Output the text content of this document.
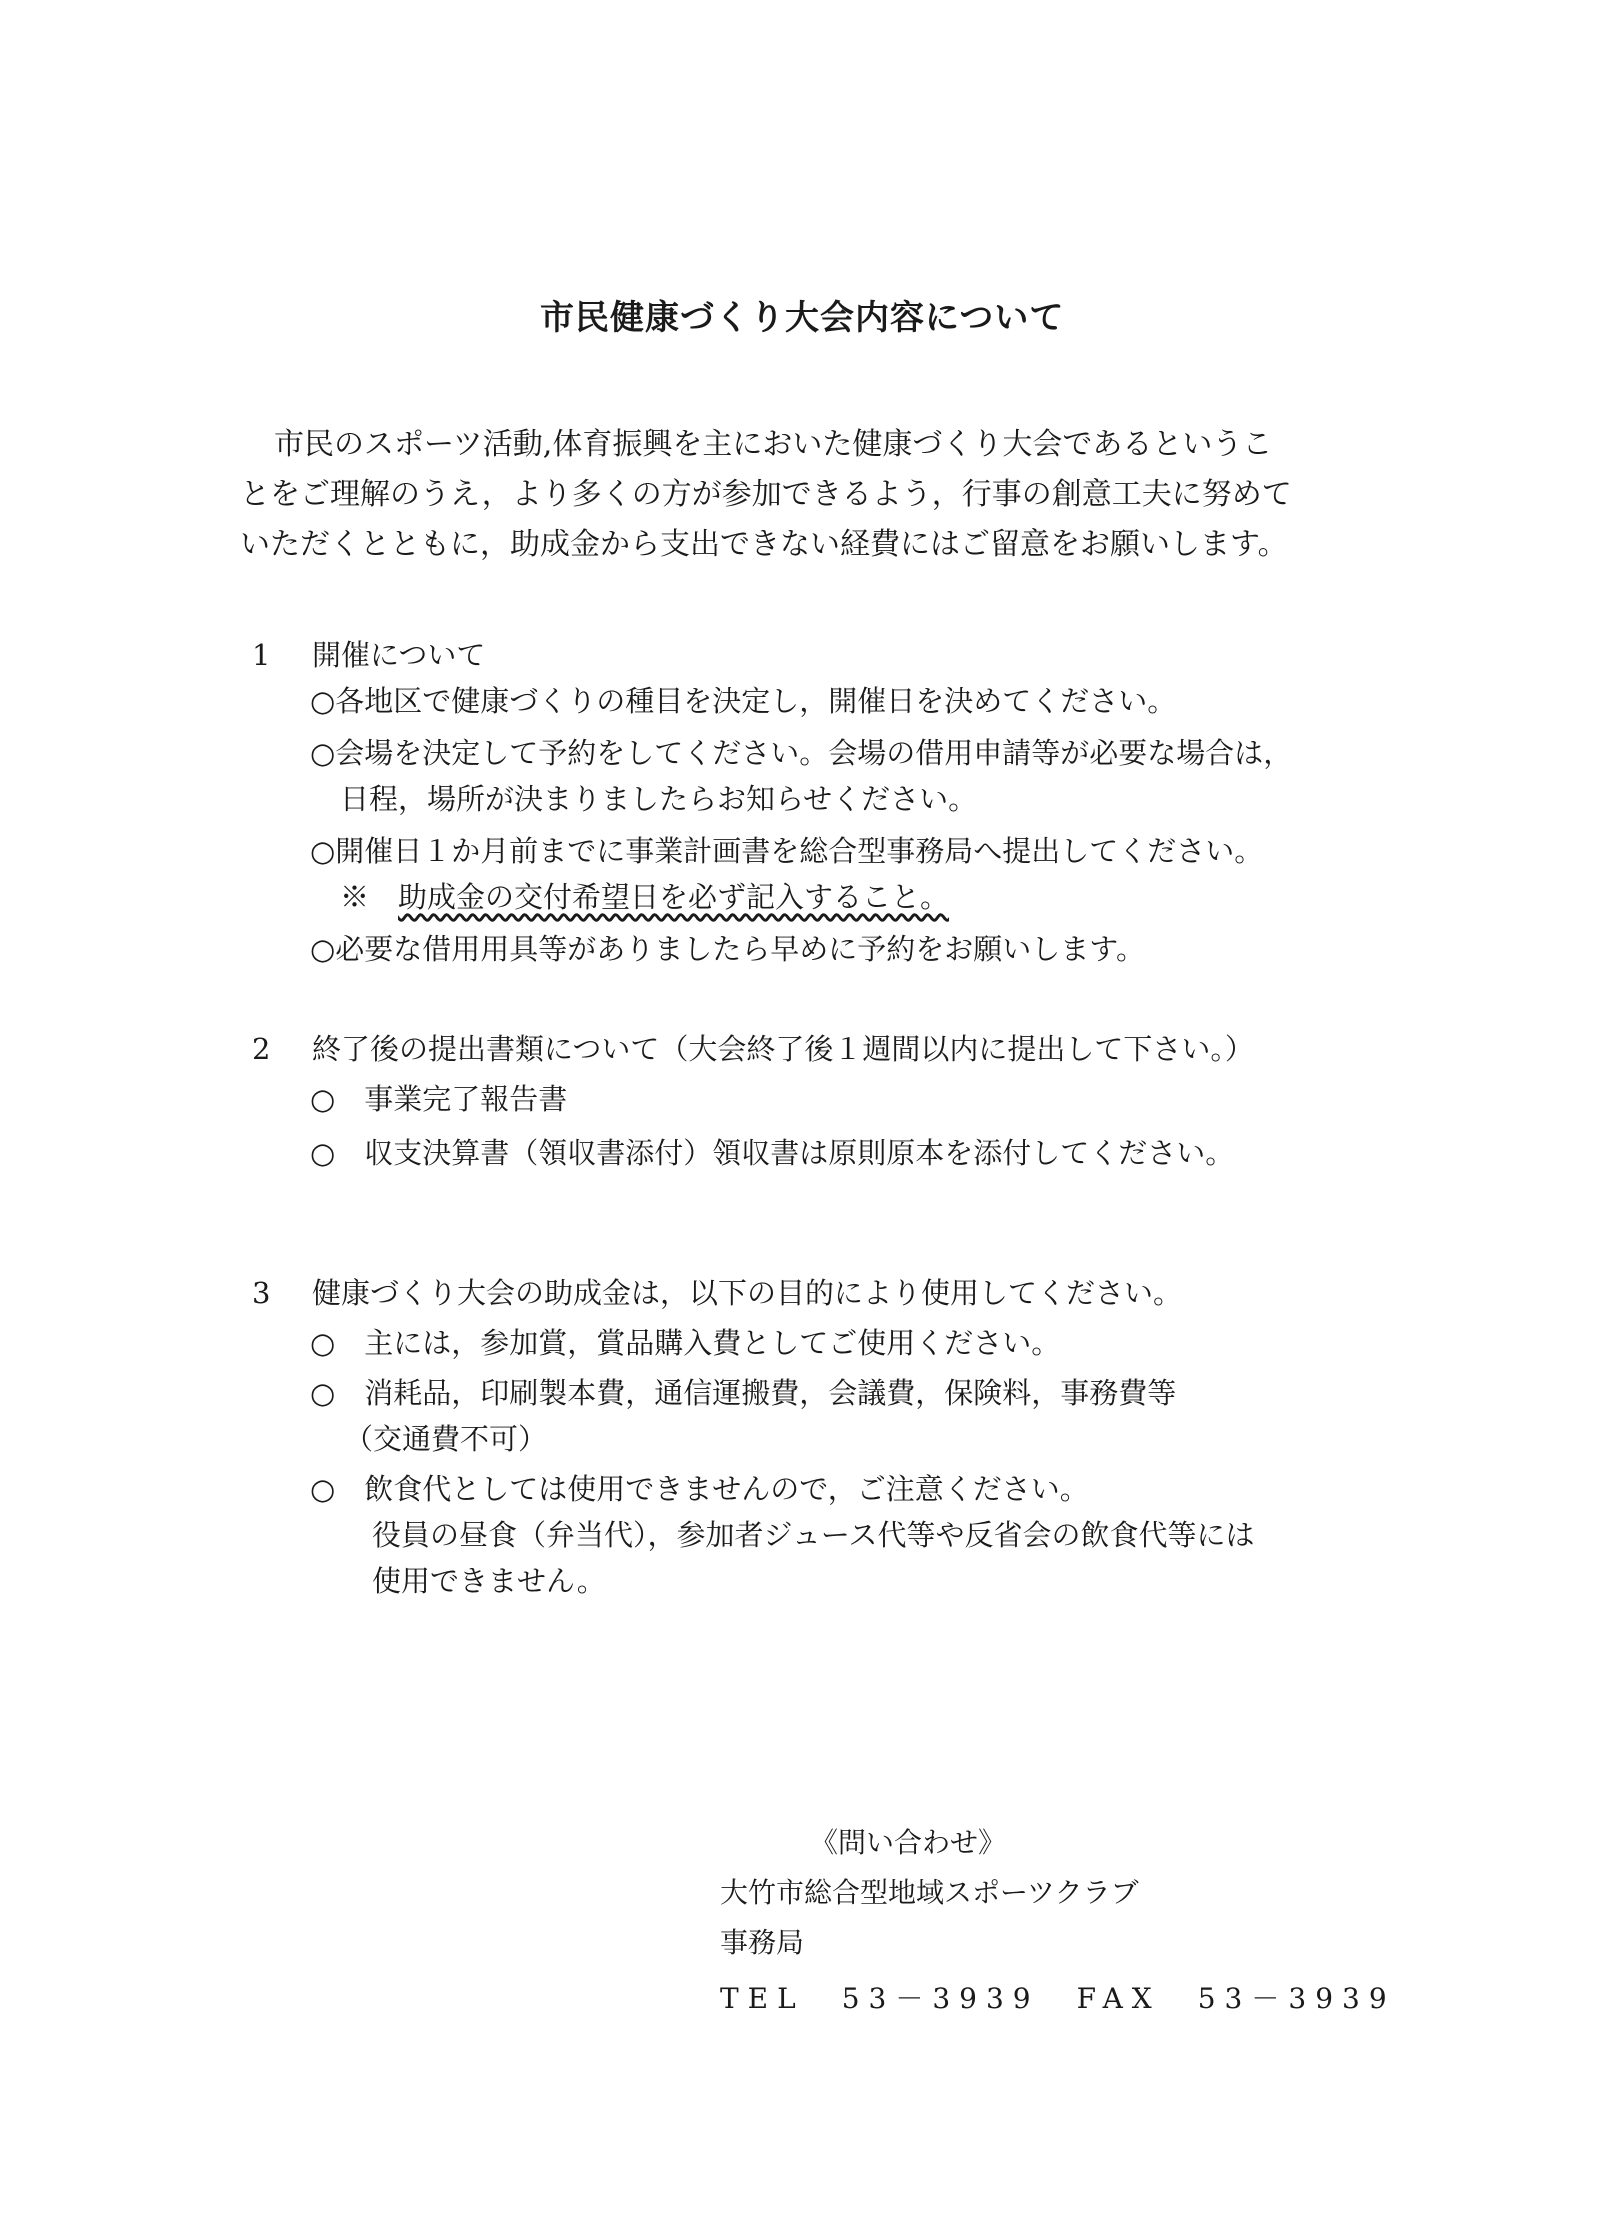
市民健康づくり大会内容について
市民のスポーツ活動,体育振興を主においた健康づくり大会であるというこ
とをご理解のうえ，より多くの方が参加できるよう，行事の創意工夫に努めて
いただくとともに，助成金から支出できない経費にはご留意をお願いします。
1 開催について
○各地区で健康づくりの種目を決定し，開催日を決めてください。
○会場を決定して予約をしてください。会場の借用申請等が必要な場合は，
日程，場所が決まりましたらお知らせください。
○開催日１か月前までに事業計画書を総合型事務局へ提出してください。
※　 助成金の交付希望日を必ず記入すること。
○必要な借用用具等がありましたら早めに予約をお願いします。
2 終了後の提出書類について（大会終了後１週間以内に提出して下さい。）
○　事業完了報告書
○　収支決算書（領収書添付）領収書は原則原本を添付してください。
3 健康づくり大会の助成金は，以下の目的により使用してください。
○　主には，参加賞，賞品購入費としてご使用ください。
○　消耗品，印刷製本費，通信運搬費，会議費，保険料，事務費等
（交通費不可）
○　飲食代としては使用できませんので，ご注意ください。
役員の昼食（弁当代），参加者ジュース代等や反省会の飲食代等には
使用できません。
《問い合わせ》
大竹市総合型地域スポーツクラブ
事務局
TEL　53－3939　FAX　53－3939
